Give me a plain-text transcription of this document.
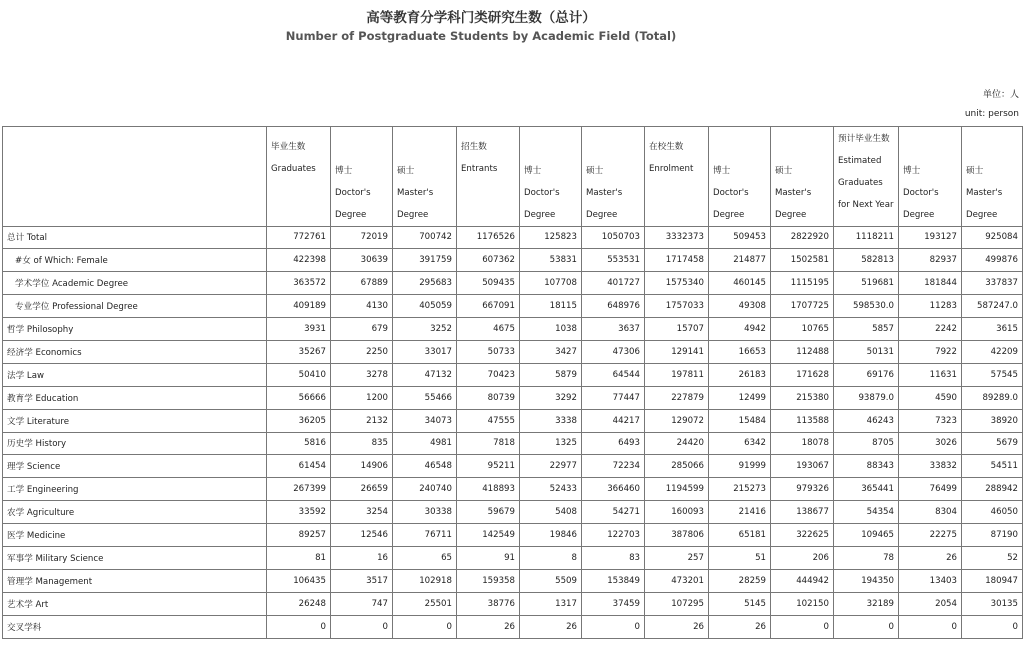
高等教育分学科门类研究生数（总计）
Number of Postgraduate Students by Academic Field (Total)
单位：人
unit: person

	毕业生数
Graduates			招生数
Entrants			在校生数
Enrolment			预计毕业生数
Estimated
Graduates
for Next Year		

		博士
Doctor's
Degree	硕士
Master's
Degree		博士
Doctor's
Degree	硕士
Master's
Degree		博士
Doctor's
Degree	硕士
Master's
Degree		博士
Doctor's
Degree	硕士
Master's
Degree

总计 Total	772761	72019	700742	1176526	125823	1050703	3332373	509453	2822920	1118211	193127	925084
#女 of Which: Female	422398	30639	391759	607362	53831	553531	1717458	214877	1502581	582813	82937	499876
学术学位 Academic Degree	363572	67889	295683	509435	107708	401727	1575340	460145	1115195	519681	181844	337837
专业学位 Professional Degree	409189	4130	405059	667091	18115	648976	1757033	49308	1707725	598530.0	11283	587247.0
哲学 Philosophy	3931	679	3252	4675	1038	3637	15707	4942	10765	5857	2242	3615
经济学 Economics	35267	2250	33017	50733	3427	47306	129141	16653	112488	50131	7922	42209
法学 Law	50410	3278	47132	70423	5879	64544	197811	26183	171628	69176	11631	57545
教育学 Education	56666	1200	55466	80739	3292	77447	227879	12499	215380	93879.0	4590	89289.0
文学 Literature	36205	2132	34073	47555	3338	44217	129072	15484	113588	46243	7323	38920
历史学 History	5816	835	4981	7818	1325	6493	24420	6342	18078	8705	3026	5679
理学 Science	61454	14906	46548	95211	22977	72234	285066	91999	193067	88343	33832	54511
工学 Engineering	267399	26659	240740	418893	52433	366460	1194599	215273	979326	365441	76499	288942
农学 Agriculture	33592	3254	30338	59679	5408	54271	160093	21416	138677	54354	8304	46050
医学 Medicine	89257	12546	76711	142549	19846	122703	387806	65181	322625	109465	22275	87190
军事学 Military Science	81	16	65	91	8	83	257	51	206	78	26	52
管理学 Management	106435	3517	102918	159358	5509	153849	473201	28259	444942	194350	13403	180947
艺术学 Art	26248	747	25501	38776	1317	37459	107295	5145	102150	32189	2054	30135
交叉学科	0	0	0	26	26	0	26	26	0	0	0	0
